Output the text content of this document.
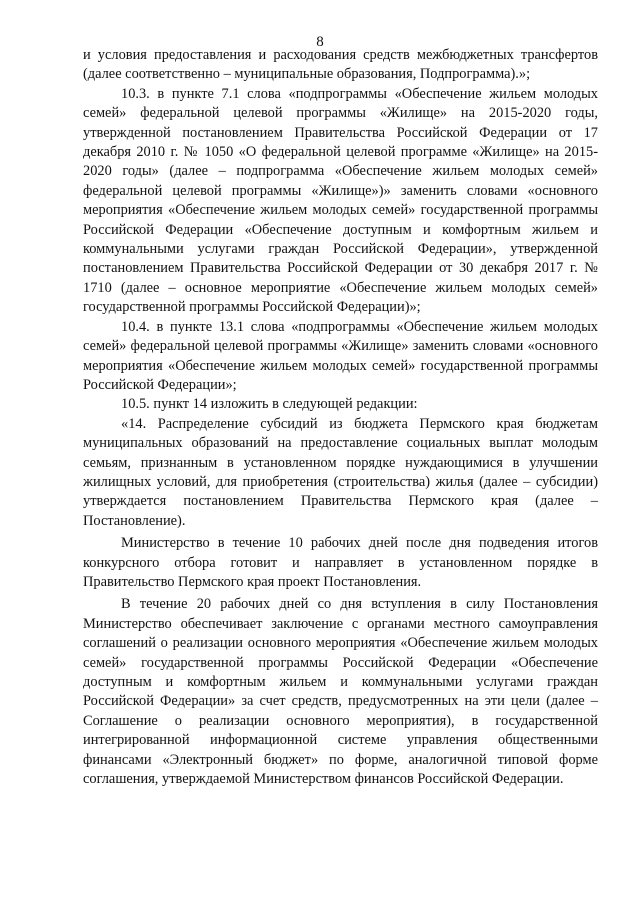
8

и условия предоставления и расходования средств межбюджетных трансфертов (далее соответственно – муниципальные образования, Подпрограмма).»;

10.3. в пункте 7.1 слова «подпрограммы «Обеспечение жильем молодых семей» федеральной целевой программы «Жилище» на 2015-2020 годы, утвержденной постановлением Правительства Российской Федерации от 17 декабря 2010 г. № 1050 «О федеральной целевой программе «Жилище» на 2015-2020 годы» (далее – подпрограмма «Обеспечение жильем молодых семей» федеральной целевой программы «Жилище»)» заменить словами «основного мероприятия «Обеспечение жильем молодых семей» государственной программы Российской Федерации «Обеспечение доступным и комфортным жильем и коммунальными услугами граждан Российской Федерации», утвержденной постановлением Правительства Российской Федерации от 30 декабря 2017 г. № 1710 (далее – основное мероприятие «Обеспечение жильем молодых семей» государственной программы Российской Федерации)»;

10.4. в пункте 13.1 слова «подпрограммы «Обеспечение жильем молодых семей» федеральной целевой программы «Жилище» заменить словами «основного мероприятия «Обеспечение жильем молодых семей» государственной программы Российской Федерации»;

10.5. пункт 14 изложить в следующей редакции:

«14. Распределение субсидий из бюджета Пермского края бюджетам муниципальных образований на предоставление социальных выплат молодым семьям, признанным в установленном порядке нуждающимися в улучшении жилищных условий, для приобретения (строительства) жилья (далее – субсидии) утверждается постановлением Правительства Пермского края (далее – Постановление).

Министерство в течение 10 рабочих дней после дня подведения итогов конкурсного отбора готовит и направляет в установленном порядке в Правительство Пермского края проект Постановления.

В течение 20 рабочих дней со дня вступления в силу Постановления Министерство обеспечивает заключение с органами местного самоуправления соглашений о реализации основного мероприятия «Обеспечение жильем молодых семей» государственной программы Российской Федерации «Обеспечение доступным и комфортным жильем и коммунальными услугами граждан Российской Федерации» за счет средств, предусмотренных на эти цели (далее – Соглашение о реализации основного мероприятия), в государственной интегрированной информационной системе управления общественными финансами «Электронный бюджет» по форме, аналогичной типовой форме соглашения, утверждаемой Министерством финансов Российской Федерации.
